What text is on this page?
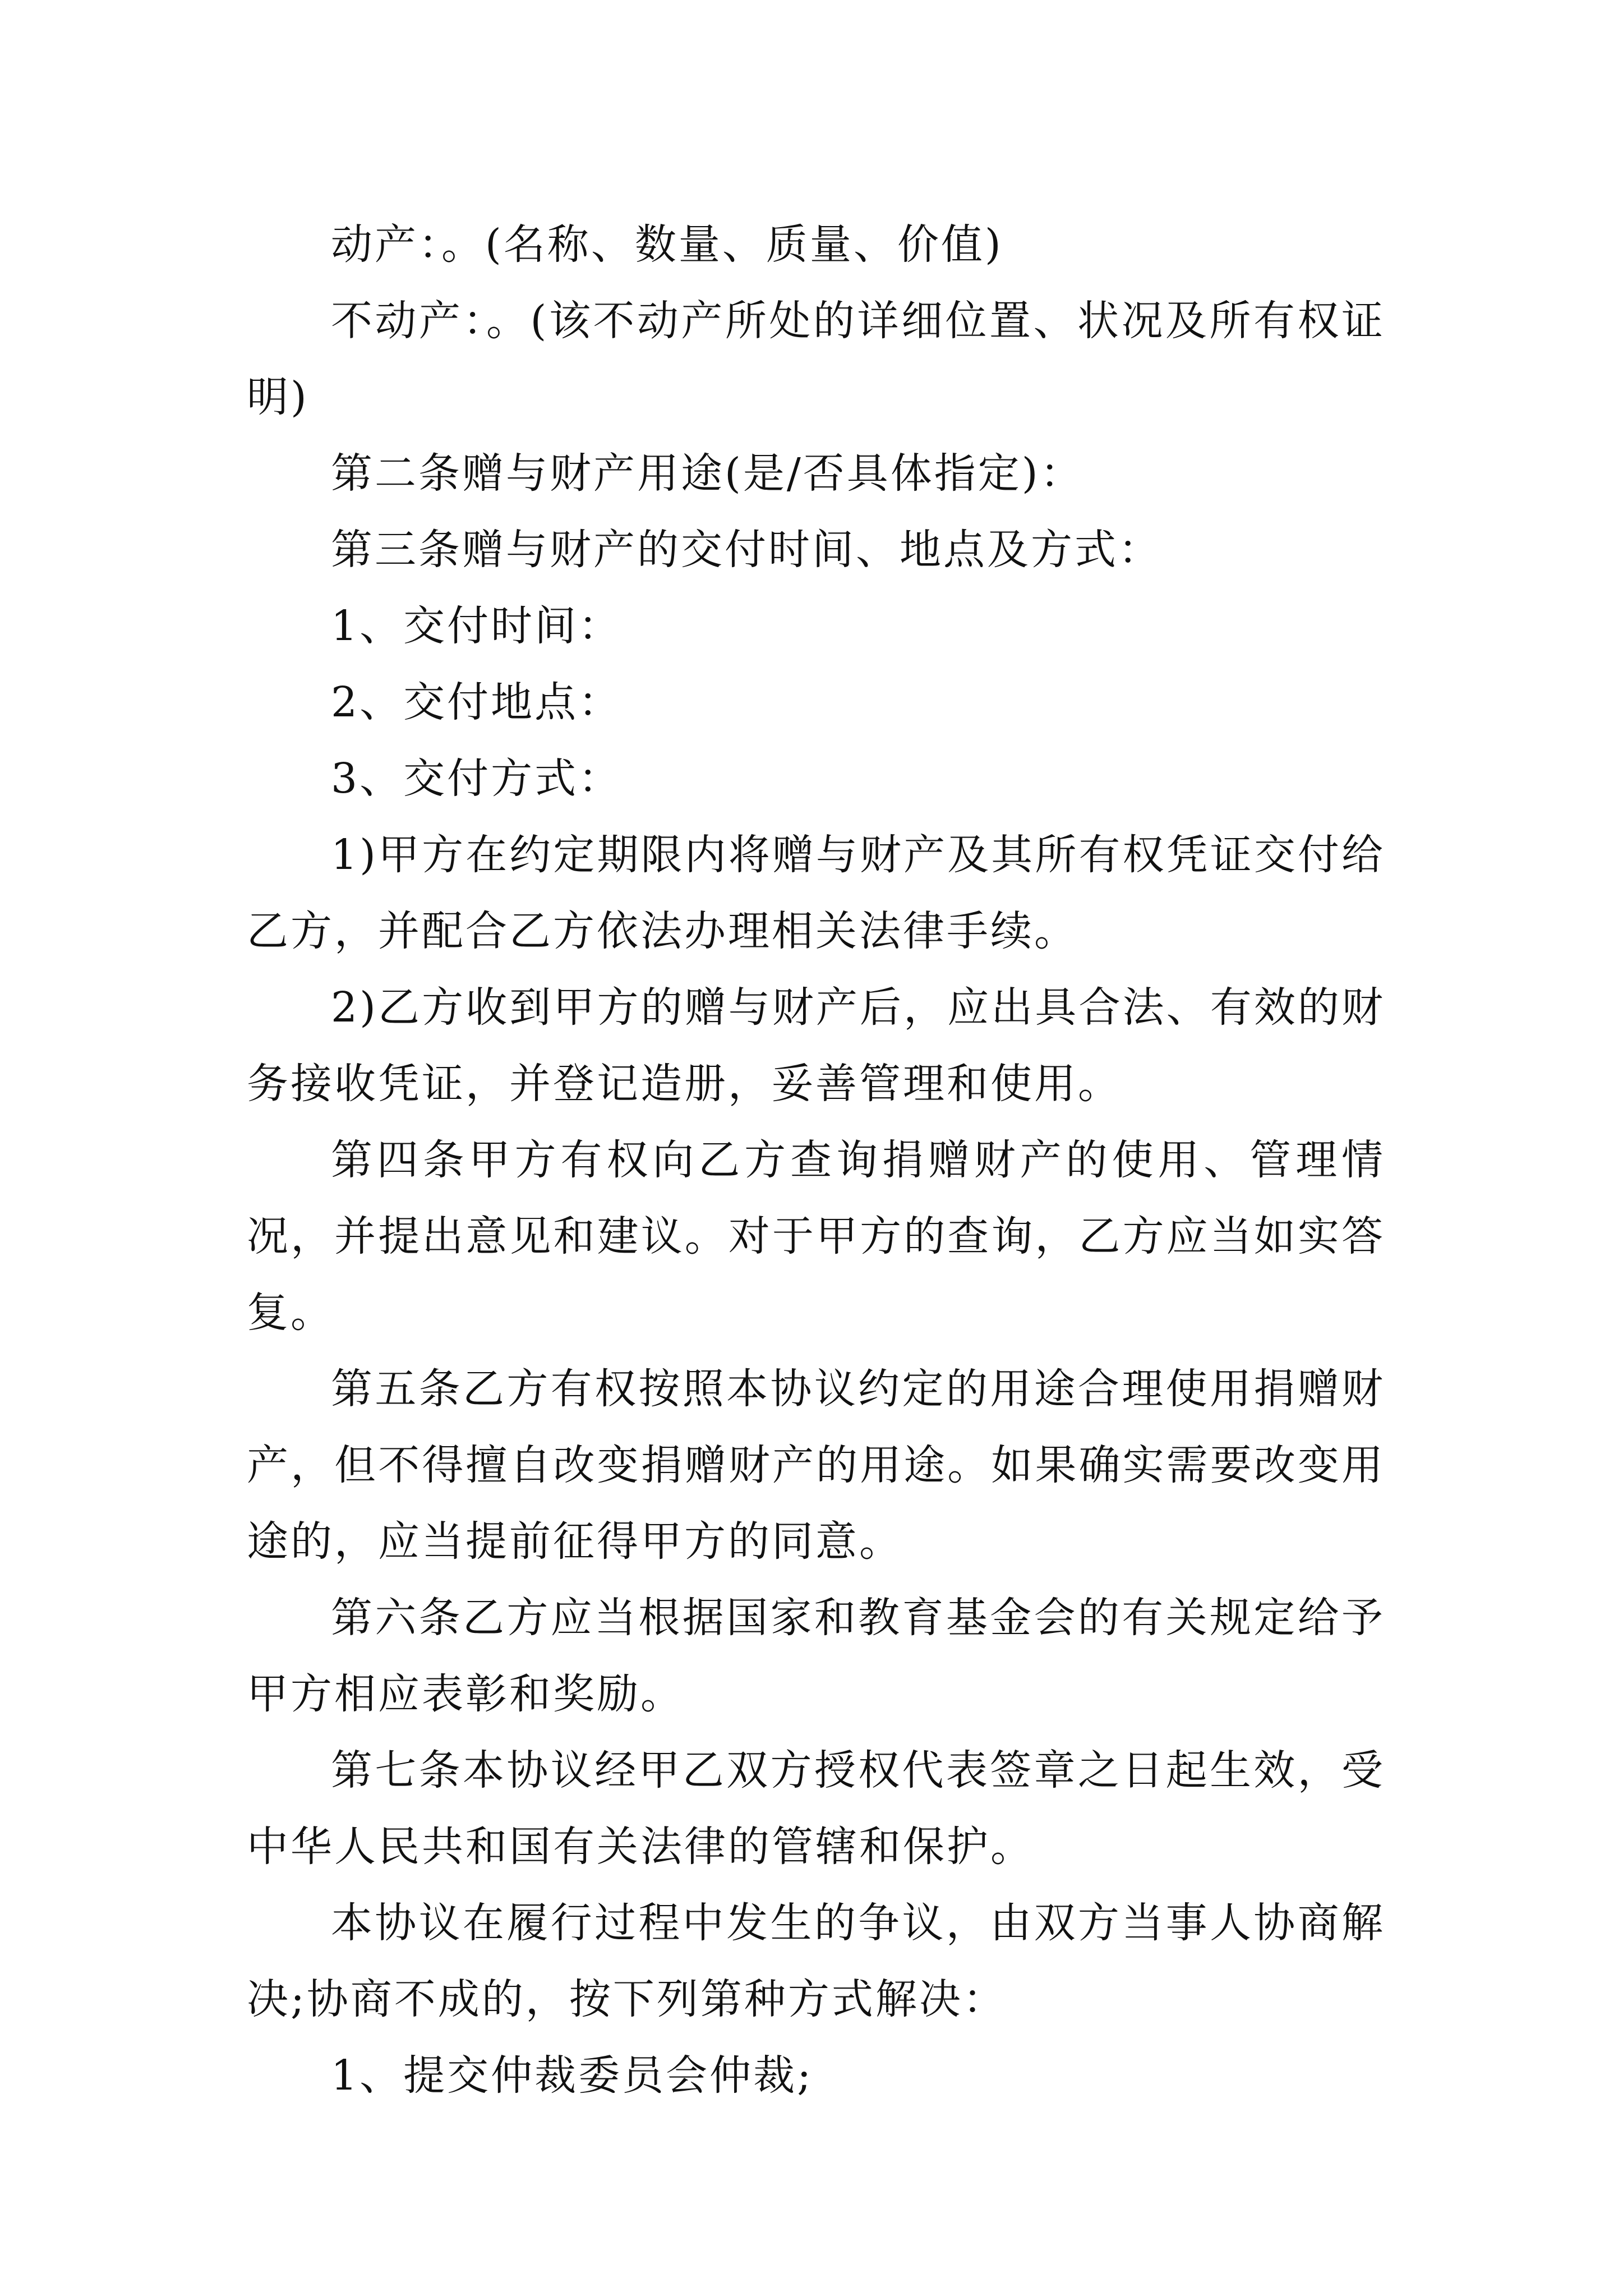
动产：。(名称、数量、质量、价值)

不动产：。(该不动产所处的详细位置、状况及所有权证明)

第二条赠与财产用途(是/否具体指定)：

第三条赠与财产的交付时间、地点及方式：

1、交付时间：

2、交付地点：

3、交付方式：

1)甲方在约定期限内将赠与财产及其所有权凭证交付给乙方，并配合乙方依法办理相关法律手续。

2)乙方收到甲方的赠与财产后，应出具合法、有效的财务接收凭证，并登记造册，妥善管理和使用。

第四条甲方有权向乙方查询捐赠财产的使用、管理情况，并提出意见和建议。对于甲方的查询，乙方应当如实答复。

第五条乙方有权按照本协议约定的用途合理使用捐赠财产，但不得擅自改变捐赠财产的用途。如果确实需要改变用途的，应当提前征得甲方的同意。

第六条乙方应当根据国家和教育基金会的有关规定给予甲方相应表彰和奖励。

第七条本协议经甲乙双方授权代表签章之日起生效，受中华人民共和国有关法律的管辖和保护。

本协议在履行过程中发生的争议，由双方当事人协商解决;协商不成的，按下列第种方式解决：

1、提交仲裁委员会仲裁;
